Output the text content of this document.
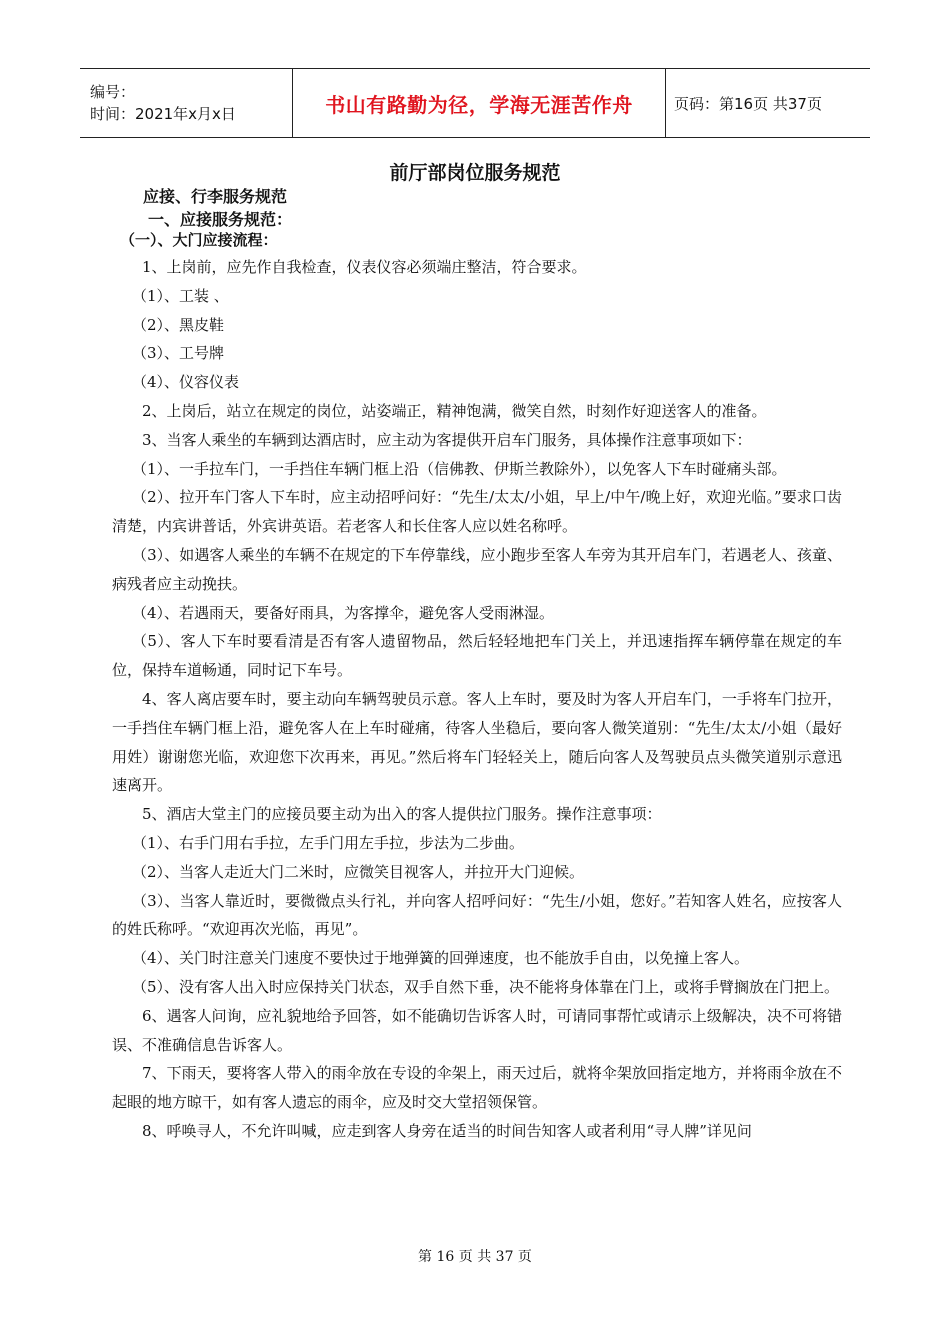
编号：
时间：2021年x月x日	书山有路勤为径，学海无涯苦作舟	页码：第16页 共37页
前厅部岗位服务规范
应接、行李服务规范
一、应接服务规范：
（一）、大门应接流程：

1、上岗前，应先作自我检查，仪表仪容必须端庄整洁，符合要求。

（1）、工装 、

（2）、黑皮鞋

（3）、工号牌

（4）、仪容仪表

2、上岗后，站立在规定的岗位，站姿端正，精神饱满，微笑自然，时刻作好迎送客人的准备。

3、当客人乘坐的车辆到达酒店时，应主动为客提供开启车门服务，具体操作注意事项如下：

（1）、一手拉车门，一手挡住车辆门框上沿（信佛教、伊斯兰教除外），以免客人下车时碰痛头部。

（2）、拉开车门客人下车时，应主动招呼问好：“先生/太太/小姐，早上/中午/晚上好，欢迎光临。”要求口齿清楚，内宾讲普话，外宾讲英语。若老客人和长住客人应以姓名称呼。

（3）、如遇客人乘坐的车辆不在规定的下车停靠线，应小跑步至客人车旁为其开启车门，若遇老人、孩童、病残者应主动挽扶。

（4）、若遇雨天，要备好雨具，为客撑伞，避免客人受雨淋湿。

（5）、客人下车时要看清是否有客人遗留物品，然后轻轻地把车门关上，并迅速指挥车辆停靠在规定的车位，保持车道畅通，同时记下车号。

4、客人离店要车时，要主动向车辆驾驶员示意。客人上车时，要及时为客人开启车门，一手将车门拉开，一手挡住车辆门框上沿，避免客人在上车时碰痛，待客人坐稳后，要向客人微笑道别：“先生/太太/小姐（最好用姓）谢谢您光临，欢迎您下次再来，再见。”然后将车门轻轻关上，随后向客人及驾驶员点头微笑道别示意迅速离开。

5、酒店大堂主门的应接员要主动为出入的客人提供拉门服务。操作注意事项：

（1）、右手门用右手拉，左手门用左手拉，步法为二步曲。

（2）、当客人走近大门二米时，应微笑目视客人，并拉开大门迎候。

（3）、当客人靠近时，要微微点头行礼，并向客人招呼问好：“先生/小姐，您好。”若知客人姓名，应按客人的姓氏称呼。“欢迎再次光临，再见”。

（4）、关门时注意关门速度不要快过于地弹簧的回弹速度，也不能放手自由，以免撞上客人。

（5）、没有客人出入时应保持关门状态，双手自然下垂，决不能将身体靠在门上，或将手臂搁放在门把上。

6、遇客人问询，应礼貌地给予回答，如不能确切告诉客人时，可请同事帮忙或请示上级解决，决不可将错误、不准确信息告诉客人。

7、下雨天，要将客人带入的雨伞放在专设的伞架上，雨天过后，就将伞架放回指定地方，并将雨伞放在不起眼的地方晾干，如有客人遗忘的雨伞，应及时交大堂招领保管。

8、呼唤寻人，不允许叫喊，应走到客人身旁在适当的时间告知客人或者利用“寻人牌”详见问

第 16 页 共 37 页
